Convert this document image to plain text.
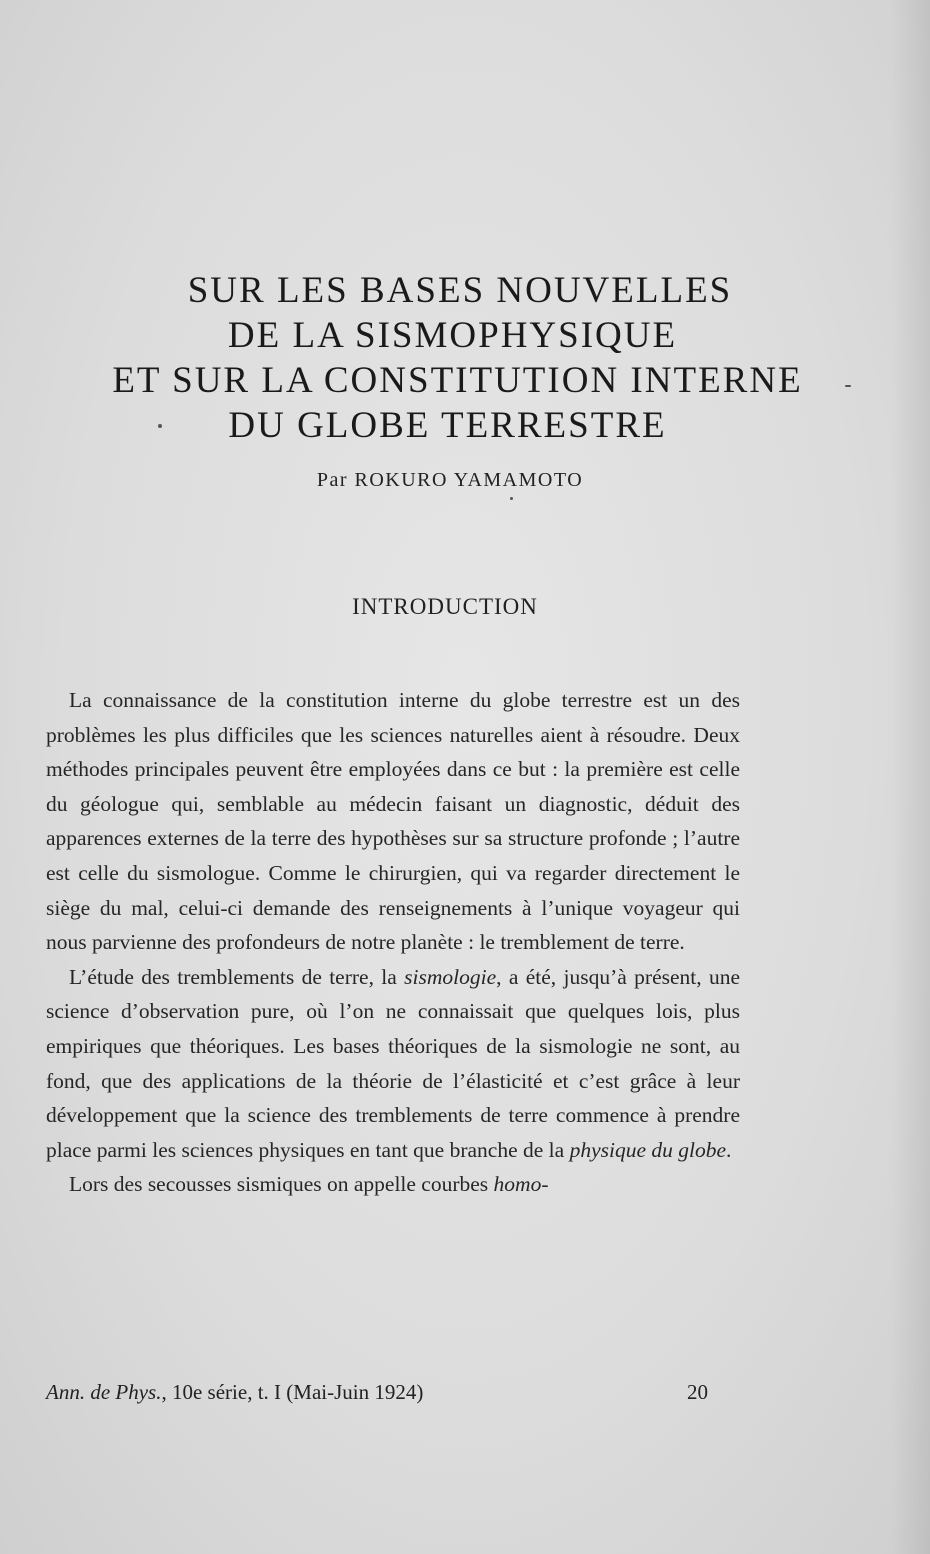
SUR LES BASES NOUVELLES
DE LA SISMOPHYSIQUE
ET SUR LA CONSTITUTION INTERNE
DU GLOBE TERRESTRE
Par ROKURO YAMAMOTO
INTRODUCTION

La connaissance de la constitution interne du globe terrestre est un des problèmes les plus difficiles que les sciences naturelles aient à résoudre. Deux méthodes principales peuvent être employées dans ce but : la première est celle du géologue qui, semblable au médecin faisant un diagnostic, déduit des apparences externes de la terre des hypothèses sur sa structure profonde ; l’autre est celle du sismologue. Comme le chirurgien, qui va regarder directement le siège du mal, celui-ci demande des renseignements à l’unique voyageur qui nous parvienne des profondeurs de notre planète : le tremblement de terre.

L’étude des tremblements de terre, la sismologie, a été, jusqu’à présent, une science d’observation pure, où l’on ne connaissait que quelques lois, plus empiriques que théoriques. Les bases théoriques de la sismologie ne sont, au fond, que des applications de la théorie de l’élasticité et c’est grâce à leur développement que la science des tremblements de terre commence à prendre place parmi les sciences physiques en tant que branche de la physique du globe.

Lors des secousses sismiques on appelle courbes homo-

Ann. de Phys., 10e série, t. I (Mai-Juin 1924)	20
